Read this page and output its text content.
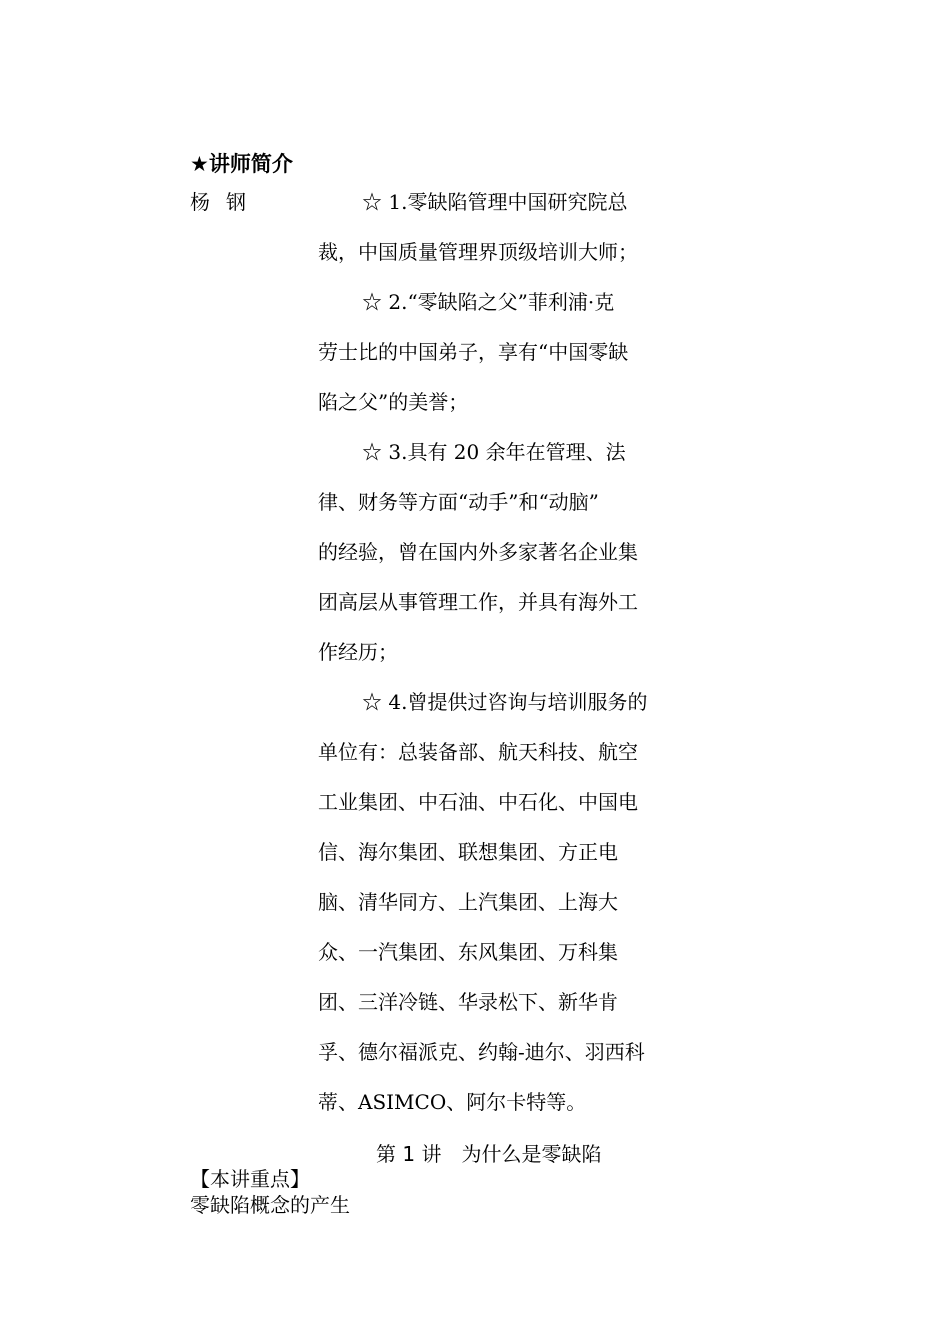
★讲师简介
杨钢	☆ 1.零缺陷管理中国研究院总
裁，中国质量管理界顶级培训大师；
☆ 2.“零缺陷之父”菲利浦·克
劳士比的中国弟子，享有“中国零缺
陷之父”的美誉；
☆ 3.具有 20 余年在管理、法
律、财务等方面“动手”和“动脑”
的经验，曾在国内外多家著名企业集
团高层从事管理工作，并具有海外工
作经历；
☆ 4.曾提供过咨询与培训服务的
单位有：总装备部、航天科技、航空
工业集团、中石油、中石化、中国电
信、海尔集团、联想集团、方正电
脑、清华同方、上汽集团、上海大
众、一汽集团、东风集团、万科集
团、三洋冷链、华录松下、新华肯
孚、德尔福派克、约翰-迪尔、羽西科
蒂、ASIMCO、阿尔卡特等。
第 1 讲　为什么是零缺陷
【本讲重点】
零缺陷概念的产生
